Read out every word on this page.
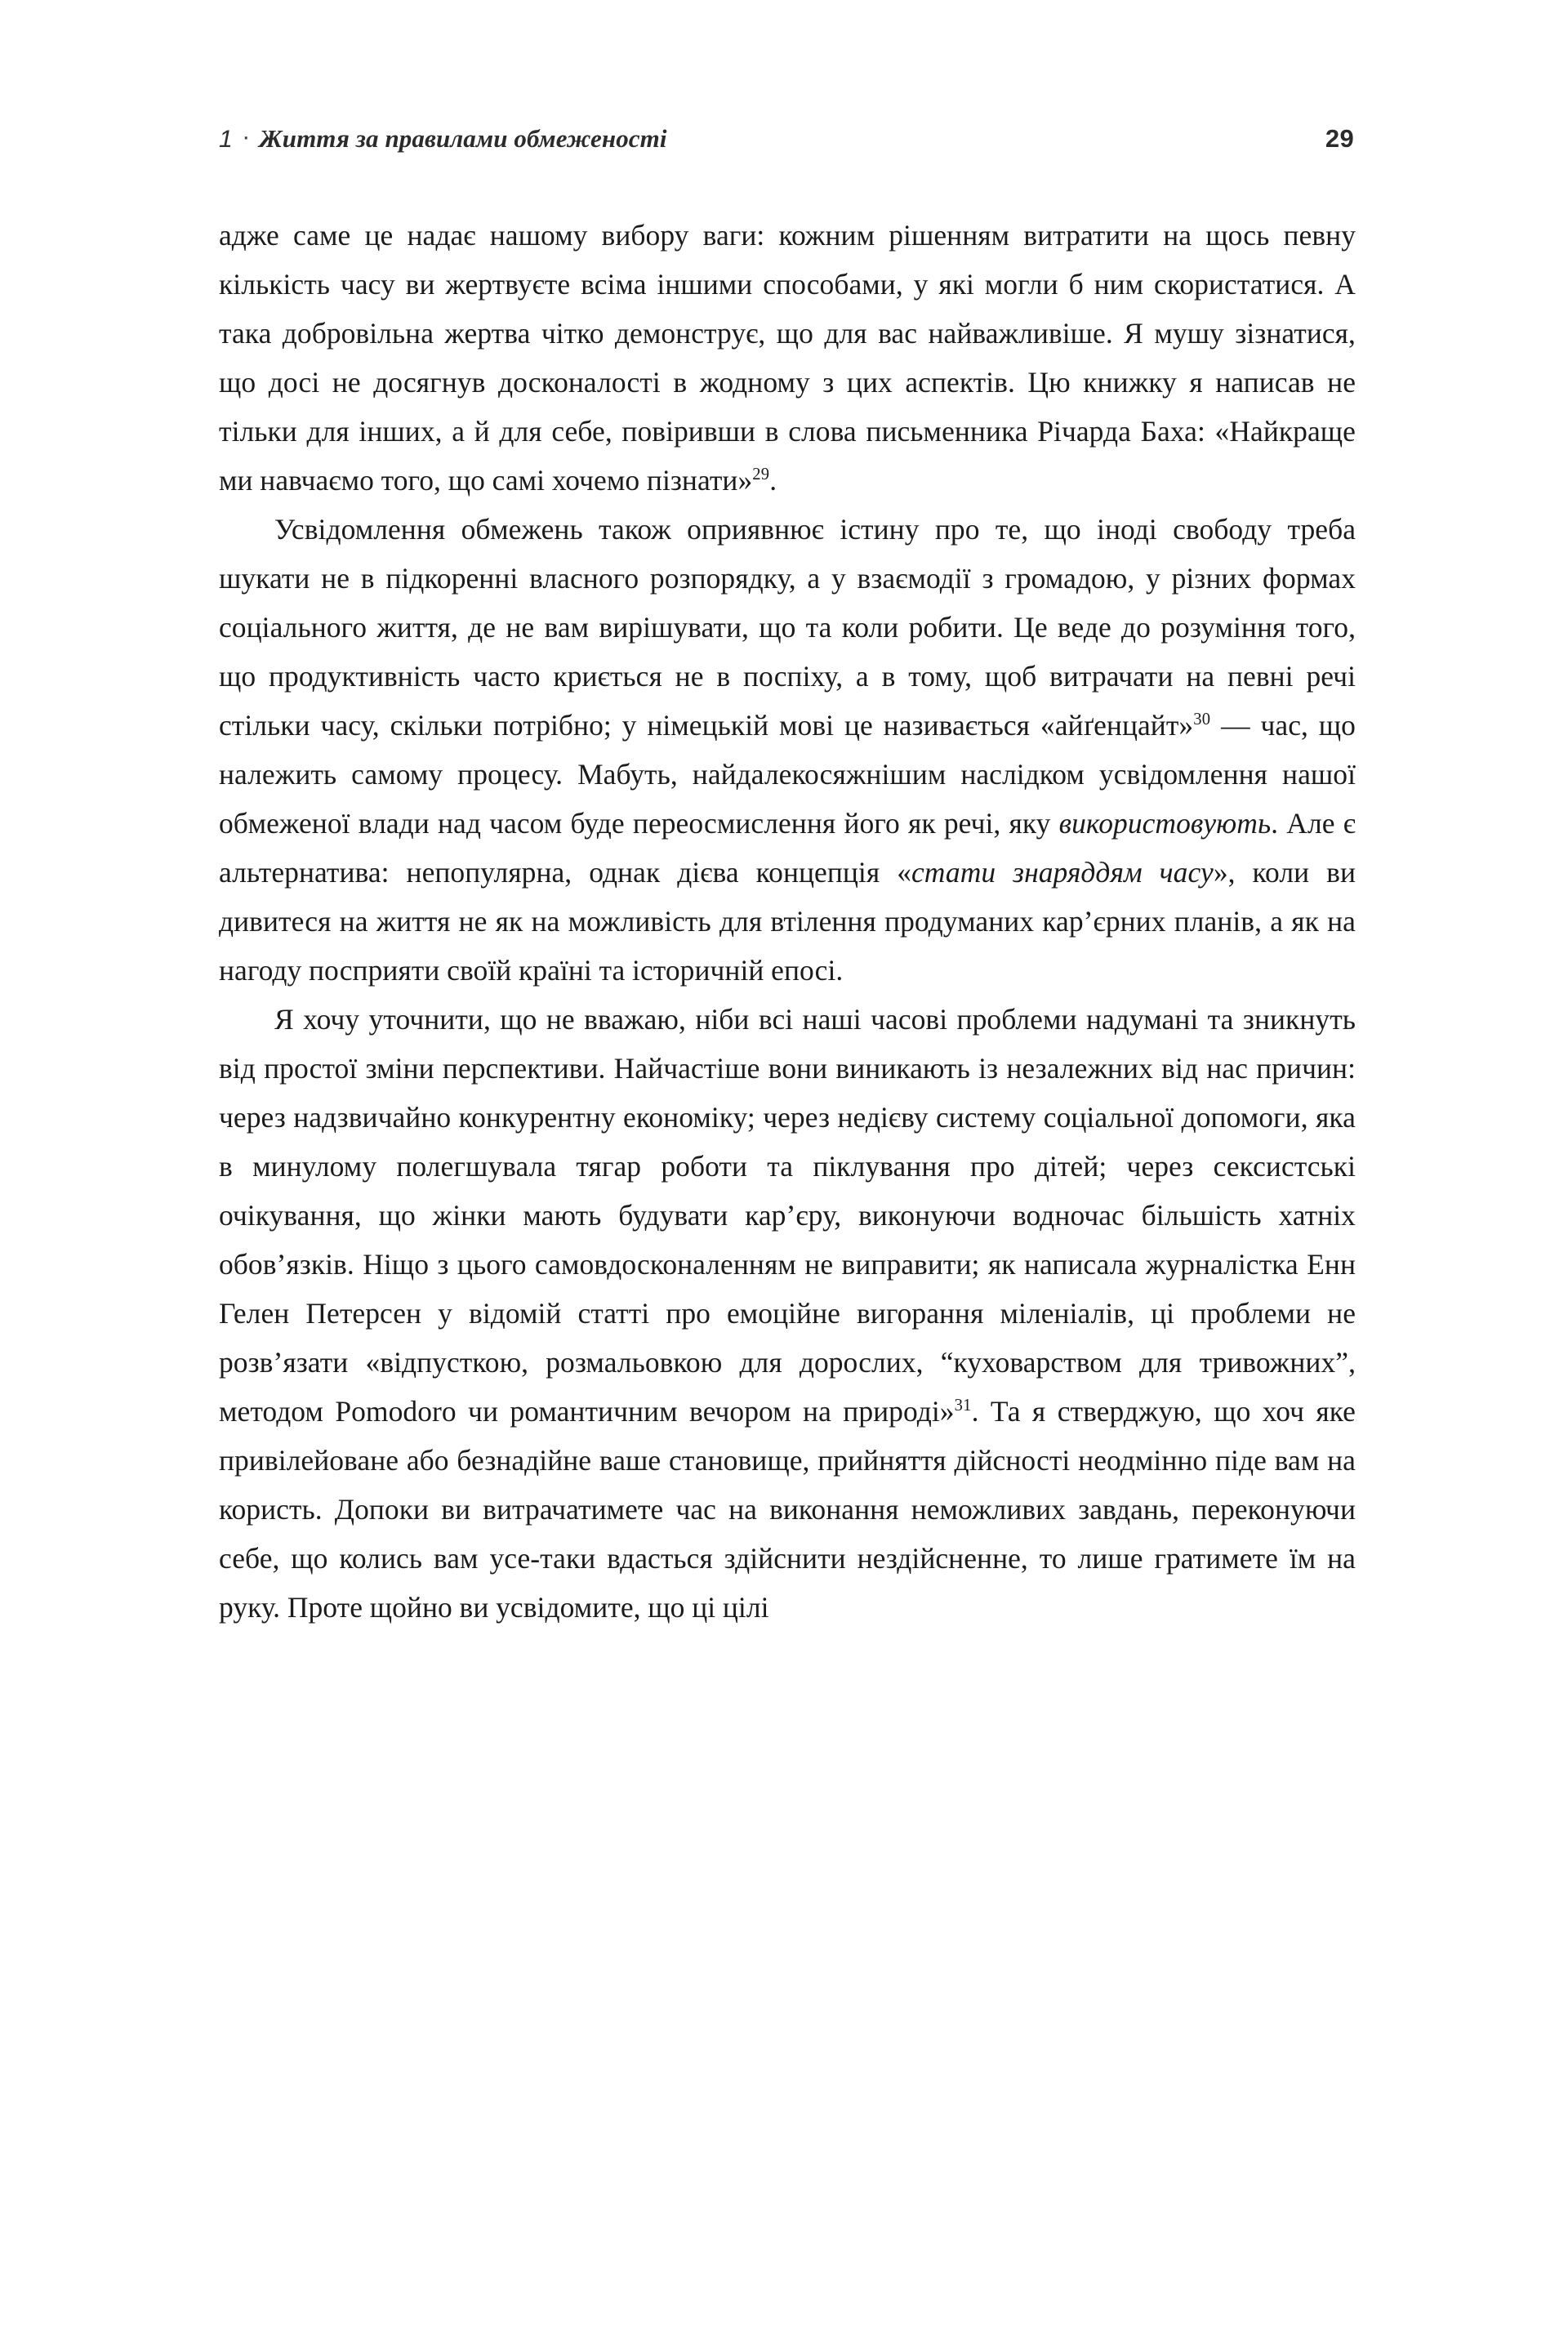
1 · Життя за правилами обмеженості	29

адже саме це надає нашому вибору ваги: кожним рішенням витратити на щось певну кількість часу ви жертвуєте всіма іншими способами, у які могли б ним скористатися. А така добровільна жертва чітко демонструє, що для вас найважливіше. Я мушу зізнатися, що досі не досягнув досконалості в жодному з цих аспектів. Цю книжку я написав не тільки для інших, а й для себе, повіривши в слова письменника Річарда Баха: «Найкраще ми навчаємо того, що самі хочемо пізнати»$^{29}$.

Усвідомлення обмежень також оприявнює істину про те, що іноді свободу треба шукати не в підкоренні власного розпорядку, а у взаємодії з громадою, у різних формах соціального життя, де не вам вирішувати, що та коли робити. Це веде до розуміння того, що продуктивність часто криється не в поспіху, а в тому, щоб витрачати на певні речі стільки часу, скільки потрібно; у німецькій мові це називається «айґенцайт»$^{30}$ — час, що належить самому процесу. Мабуть, найдалекосяжнішим наслідком усвідомлення нашої обмеженої влади над часом буде переосмислення його як речі, яку використовують. Але є альтернатива: непопулярна, однак дієва концепція «стати знаряддям часу», коли ви дивитеся на життя не як на можливість для втілення продуманих кар’єрних планів, а як на нагоду посприяти своїй країні та історичній епосі.

Я хочу уточнити, що не вважаю, ніби всі наші часові проблеми надумані та зникнуть від простої зміни перспективи. Найчастіше вони виникають із незалежних від нас причин: через надзвичайно конкурентну економіку; через недієву систему соціальної допомоги, яка в минулому полегшувала тягар роботи та піклування про дітей; через сексистські очікування, що жінки мають будувати кар’єру, виконуючи водночас більшість хатніх обов’язків. Ніщо з цього самовдосконаленням не виправити; як написала журналістка Енн Гелен Петерсен у відомій статті про емоційне вигорання міленіалів, ці проблеми не розв’язати «відпусткою, розмальовкою для дорослих, “куховарством для тривожних”, методом Pomodoro чи романтичним вечором на природі»$^{31}$. Та я стверджую, що хоч яке привілейоване або безнадійне ваше становище, прийняття дійсності неодмінно піде вам на користь. Допоки ви витрачатимете час на виконання неможливих завдань, переконуючи себе, що колись вам усе-таки вдасться здійснити нездійсненне, то лише гратимете їм на руку. Проте щойно ви усвідомите, що ці цілі
